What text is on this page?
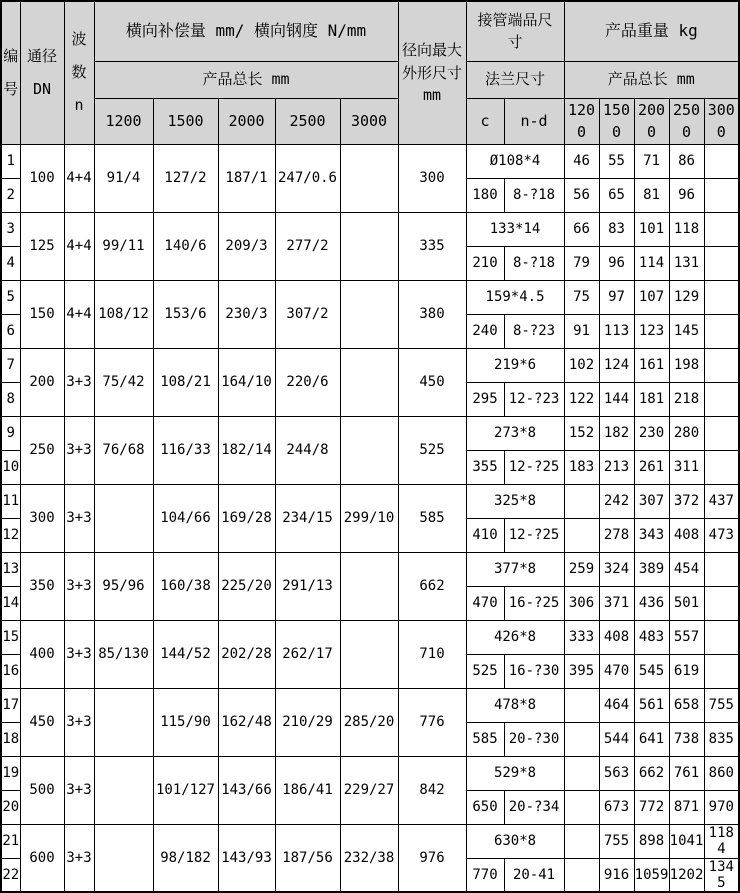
编号	通径 DN	波数 n	横向补偿量 mm/ 横向钢度 N/mm					径向最大外形尺寸 mm	接管端品尺寸		产品重量 kg				
			产品总长 mm						法兰尺寸		产品总长 mm				
			1200	1500	2000	2500	3000		c	n-d	1200	1500	2000	2500	3000
1	100	4+4	91/4	127/2	187/1	247/0.6		300	Ø108*4		46	55	71	86	
2									180	8-?18	56	65	81	96	
3	125	4+4	99/11	140/6	209/3	277/2		335	133*14		66	83	101	118	
4									210	8-?18	79	96	114	131	
5	150	4+4	108/12	153/6	230/3	307/2		380	159*4.5		75	97	107	129	
6									240	8-?23	91	113	123	145	
7	200	3+3	75/42	108/21	164/10	220/6		450	219*6		102	124	161	198	
8									295	12-?23	122	144	181	218	
9	250	3+3	76/68	116/33	182/14	244/8		525	273*8		152	182	230	280	
10									355	12-?25	183	213	261	311	
11	300	3+3		104/66	169/28	234/15	299/10	585	325*8			242	307	372	437
12									410	12-?25		278	343	408	473
13	350	3+3	95/96	160/38	225/20	291/13		662	377*8		259	324	389	454	
14									470	16-?25	306	371	436	501	
15	400	3+3	85/130	144/52	202/28	262/17		710	426*8		333	408	483	557	
16									525	16-?30	395	470	545	619	
17	450	3+3		115/90	162/48	210/29	285/20	776	478*8			464	561	658	755
18									585	20-?30		544	641	738	835
19	500	3+3		101/127	143/66	186/41	229/27	842	529*8			563	662	761	860
20									650	20-?34		673	772	871	970
21	600	3+3		98/182	143/93	187/56	232/38	976	630*8			755	898	1041	1184
22									770	20-41		916	1059	1202	1345
